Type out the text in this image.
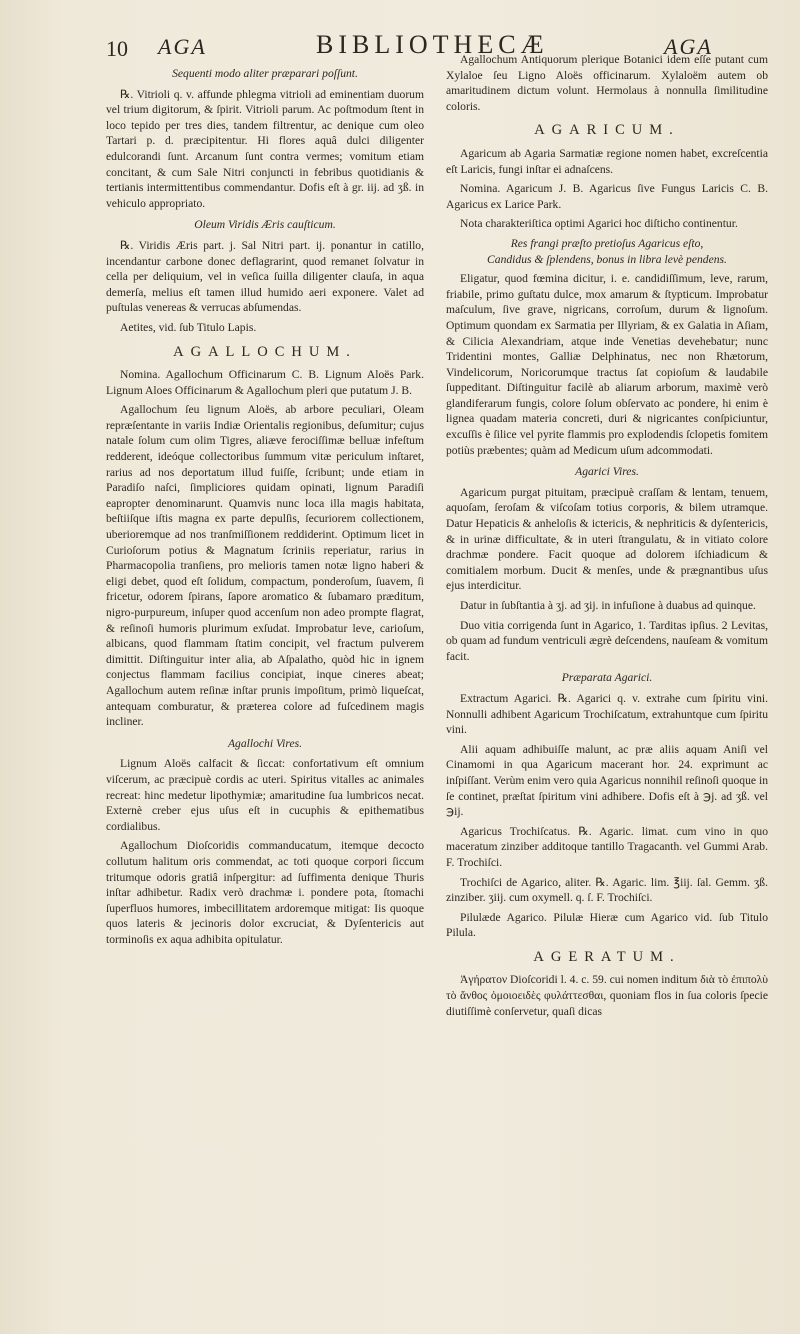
10 AGA	BIBLIOTHECÆ	AGA
Sequenti modo aliter præparari poſſunt.

℞. Vitrioli q. v. affunde phlegma vitrioli ad eminentiam duorum vel trium digitorum, & ſpirit. Vitrioli parum. Ac poſtmodum ſtent in loco tepido per tres dies, tandem filtrentur, ac denique cum oleo Tartari p. d. præcipitentur. Hi flores aquâ dulci diligenter edulcorandi ſunt. Arcanum ſunt contra vermes; vomitum etiam concitant, & cum Sale Nitri conjuncti in febribus quotidianis & tertianis intermittentibus commendantur. Dofis eſt à gr. iij. ad ʒß. in vehiculo appropriato.

Oleum Viridis Æris cauſticum.

℞. Viridis Æris part. j. Sal Nitri part. ij. ponantur in catillo, incendantur carbone donec deflagrarint, quod remanet ſolvatur in cella per deliquium, vel in veſica ſuilla diligenter clauſa, in aqua demerſa, melius eſt tamen illud humido aeri exponere. Valet ad puſtulas venereas & verrucas abſumendas.

Aetites, vid. ſub Titulo Lapis.

AGALLOCHUM.

Nomina. Agallochum Officinarum C. B. Lignum Aloës Park. Lignum Aloes Officinarum & Agallochum pleri que putatum J. B.

Agallochum ſeu lignum Aloës, ab arbore peculiari, Oleam repræſentante in variis Indiæ Orientalis regionibus, deſumitur; cujus natale ſolum cum olim Tigres, aliæve ferociſſimæ belluæ infeſtum redderent, ideóque collectoribus ſummum vitæ periculum inſtaret, rarius ad nos deportatum illud fuiſſe, ſcribunt; unde etiam in Paradiſo naſci, ſimpliciores quidam opinati, lignum Paradiſi eapropter denominarunt. Quamvis nunc loca illa magis habitata, beſtiiſque iſtis magna ex parte depulſis, ſecuriorem collectionem, uberioremque ad nos tranſmiſſionem reddiderint. Optimum licet in Curioſorum potius & Magnatum ſcriniis reperiatur, rarius in Pharmacopolia tranſiens, pro melioris tamen notæ ligno haberi & eligi debet, quod eſt ſolidum, compactum, ponderoſum, ſuavem, ſi fricetur, odorem ſpirans, ſapore aromatico & ſubamaro præditum, nigro-purpureum, inſuper quod accenſum non adeo prompte flagrat, & reſinoſi humoris plurimum exſudat. Improbatur leve, carioſum, albicans, quod flammam ſtatim concipit, vel fractum pulverem dimittit. Diſtinguitur inter alia, ab Aſpalatho, quòd hic in ignem conjectus flammam facilius concipiat, inque cineres abeat; Agallochum autem reſinæ inſtar prunis impoſitum, primò liqueſcat, antequam comburatur, & præterea colore ad fuſcedinem magis incliner.

Agallochi Vires.

Lignum Aloës calfacit & ſiccat: confortativum eſt omnium viſcerum, ac præcipuè cordis ac uteri. Spiritus vitalles ac animales recreat: hinc medetur lipothymiæ; amaritudine ſua lumbricos necat. Externè creber ejus uſus eſt in cucuphis & epithematibus cordialibus.

Agallochum Dioſcoridis commanducatum, itemque decocto collutum halitum oris commendat, ac toti quoque corpori ſiccum tritumque odoris gratiâ inſpergitur: ad ſuffimenta denique Thuris inſtar adhibetur. Radix verò drachmæ i. pondere pota, ſtomachi ſuperfluos humores, imbecillitatem ardoremque mitigat: Iis quoque quos lateris & jecinoris dolor excruciat, & Dyſentericis aut torminoſis ex aqua adhibita opitulatur.

Agallochum Antiquorum plerique Botanici idem eſſe putant cum Xylaloe ſeu Ligno Aloës officinarum. Xylaloëm autem ob amaritudinem dictum volunt. Hermolaus à nonnulla ſimilitudine coloris.

AGARICUM.

Agaricum ab Agaria Sarmatiæ regione nomen habet, excreſcentia eſt Laricis, fungi inſtar ei adnaſcens.

Nomina. Agaricum J. B. Agaricus ſive Fungus Laricis C. B. Agaricus ex Larice Park.

Nota charakteriſtica optimi Agarici hoc diſticho continentur.

Res frangi præſto pretioſus Agaricus eſto,
Candidus & ſplendens, bonus in libra levè pendens.

Eligatur, quod fœmina dicitur, i. e. candidiſſimum, leve, rarum, friabile, primo guſtatu dulce, mox amarum & ſtypticum. Improbatur maſculum, ſive grave, nigricans, corroſum, durum & lignoſum. Optimum quondam ex Sarmatia per Illyriam, & ex Galatia in Aſiam, & Cilicia Alexandriam, atque inde Venetias devehebatur; nunc Tridentini montes, Galliæ Delphinatus, nec non Rhætorum, Vindelicorum, Noricorumque tractus ſat copioſum & laudabile ſuppeditant. Diſtinguitur facilè ab aliarum arborum, maximè verò glandiferarum fungis, colore ſolum obſervato ac pondere, hi enim è lignea quadam materia concreti, duri & nigricantes conſpiciuntur, excuſſis è ſilice vel pyrite flammis pro explodendis ſclopetis fomitem potiùs præbentes; quàm ad Medicum uſum adcommodati.

Agarici Vires.

Agaricum purgat pituitam, præcipuè craſſam & lentam, tenuem, aquoſam, ſeroſam & viſcoſam totius corporis, & bilem utramque. Datur Hepaticis & anheloſis & ictericis, & nephriticis & dyſentericis, & in urinæ difficultate, & in uteri ſtrangulatu, & in vitiato colore drachmæ pondere. Facit quoque ad dolorem iſchiadicum & comitialem morbum. Ducit & menſes, unde & prægnantibus uſus ejus interdicitur.

Datur in ſubſtantia à ʒj. ad ʒij. in infuſione à duabus ad quinque.

Duo vitia corrigenda ſunt in Agarico, 1. Tarditas ipſius. 2 Levitas, ob quam ad fundum ventriculi ægrè deſcendens, nauſeam & vomitum facit.

Præparata Agarici.

Extractum Agarici. ℞. Agarici q. v. extrahe cum ſpiritu vini. Nonnulli adhibent Agaricum Trochiſcatum, extrahuntque cum ſpiritu vini.

Alii aquam adhibuiſſe malunt, ac præ aliis aquam Aniſi vel Cinamomi in qua Agaricum macerant hor. 24. exprimunt ac inſpiſſant. Verùm enim vero quia Agaricus nonnihil reſinoſi quoque in ſe continet, præſtat ſpiritum vini adhibere. Dofis eſt à ℈j. ad ʒß. vel ℈ij.

Agaricus Trochiſcatus. ℞. Agaric. limat. cum vino in quo maceratum zinziber additoque tantillo Tragacanth. vel Gummi Arab. F. Trochiſci.

Trochiſci de Agarico, aliter. ℞. Agaric. lim. ℥iij. ſal. Gemm. ʒß. zinziber. ʒiij. cum oxymell. q. ſ. F. Trochiſci.

Pilulæde Agarico. Pilulæ Hieræ cum Agarico vid. ſub Titulo Pilula.

AGERATUM.

Ἀγήρατον Dioſcoridi l. 4. c. 59. cui nomen inditum διὰ τὸ ἐπιπολὺ τὸ ἄνθος ὁμοιοειδὲς φυλάττεσθαι, quoniam flos in ſua coloris ſpecie diutiſſimè conſervetur, quaſi dicas
